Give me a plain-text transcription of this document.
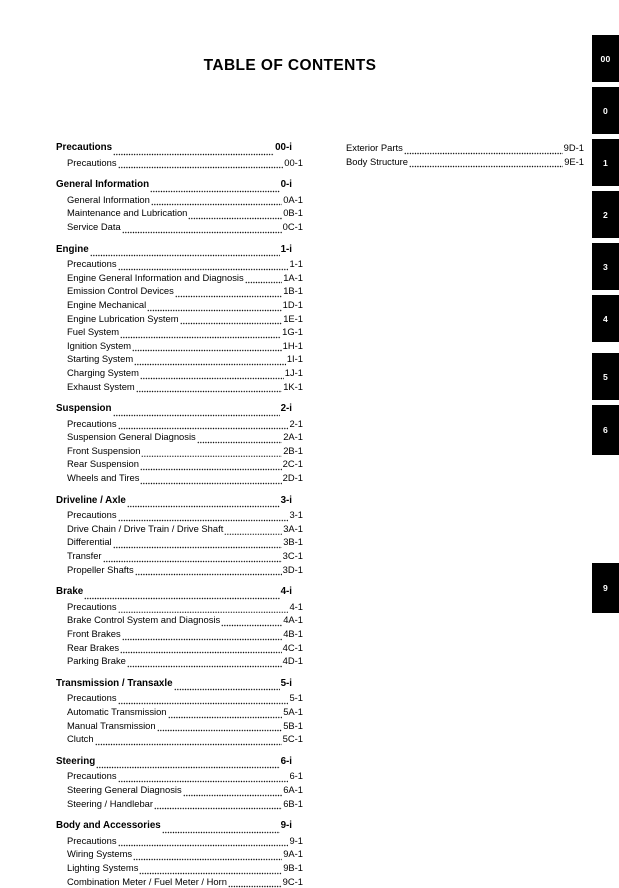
TABLE OF CONTENTS
Precautions	00-i
Precautions	00-1
General Information	0-i
General Information	0A-1
Maintenance and Lubrication	0B-1
Service Data	0C-1
Engine	1-i
Precautions	1-1
Engine General Information and Diagnosis	1A-1
Emission Control Devices	1B-1
Engine Mechanical	1D-1
Engine Lubrication System	1E-1
Fuel System	1G-1
Ignition System	1H-1
Starting System	1I-1
Charging System	1J-1
Exhaust System	1K-1
Suspension	2-i
Precautions	2-1
Suspension General Diagnosis	2A-1
Front Suspension	2B-1
Rear Suspension	2C-1
Wheels and Tires	2D-1
Driveline / Axle	3-i
Precautions	3-1
Drive Chain / Drive Train / Drive Shaft	3A-1
Differential	3B-1
Transfer	3C-1
Propeller Shafts	3D-1
Brake	4-i
Precautions	4-1
Brake Control System and Diagnosis	4A-1
Front Brakes	4B-1
Rear Brakes	4C-1
Parking Brake	4D-1
Transmission / Transaxle	5-i
Precautions	5-1
Automatic Transmission	5A-1
Manual Transmission	5B-1
Clutch	5C-1
Steering	6-i
Precautions	6-1
Steering General Diagnosis	6A-1
Steering / Handlebar	6B-1
Body and Accessories	9-i
Precautions	9-1
Wiring Systems	9A-1
Lighting Systems	9B-1
Combination Meter / Fuel Meter / Horn	9C-1
Exterior Parts	9D-1
Body Structure	9E-1
00
0
1
2
3
4
5
6
9
